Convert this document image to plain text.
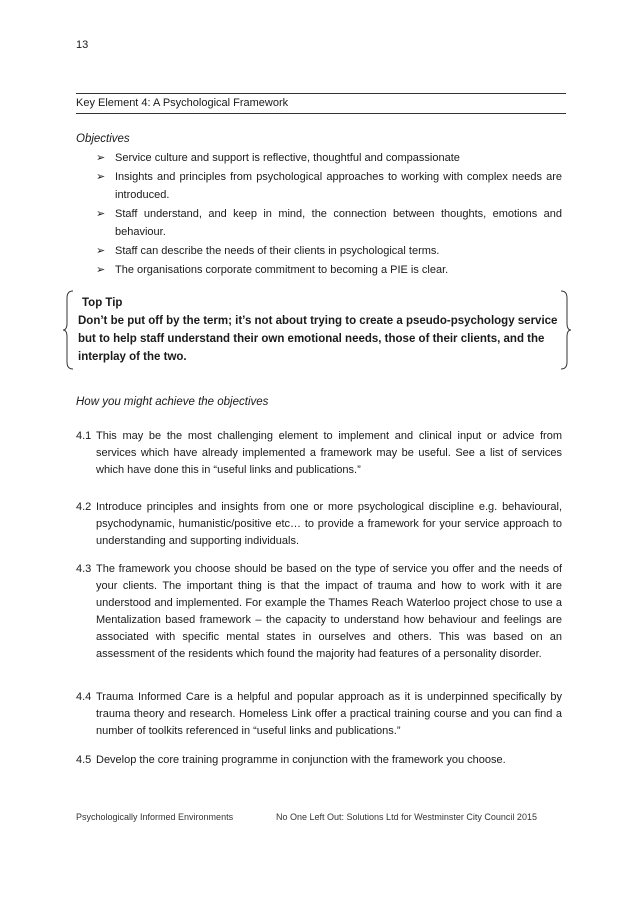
13
Key Element 4: A Psychological Framework
Objectives
➢ Service culture and support is reflective, thoughtful and compassionate
➢ Insights and principles from psychological approaches to working with complex needs are introduced.
➢ Staff understand, and keep in mind, the connection between thoughts, emotions and behaviour.
➢ Staff can describe the needs of their clients in psychological terms.
➢ The organisations corporate commitment to becoming a PIE is clear.
Top Tip
Don’t be put off by the term; it’s not about trying to create a pseudo-psychology service but to help staff understand their own emotional needs, those of their clients, and the interplay of the two.
How you might achieve the objectives
4.1 This may be the most challenging element to implement and clinical input or advice from services which have already implemented a framework may be useful. See a list of services which have done this in “useful links and publications.”
4.2 Introduce principles and insights from one or more psychological discipline e.g. behavioural, psychodynamic, humanistic/positive etc… to provide a framework for your service approach to understanding and supporting individuals.
4.3 The framework you choose should be based on the type of service you offer and the needs of your clients. The important thing is that the impact of trauma and how to work with it are understood and implemented. For example the Thames Reach Waterloo project chose to use a Mentalization based framework – the capacity to understand how behaviour and feelings are associated with specific mental states in ourselves and others. This was based on an assessment of the residents which found the majority had features of a personality disorder.
4.4 Trauma Informed Care is a helpful and popular approach as it is underpinned specifically by trauma theory and research. Homeless Link offer a practical training course and you can find a number of toolkits referenced in “useful links and publications.”
4.5 Develop the core training programme in conjunction with the framework you choose.
Psychologically Informed Environments	No One Left Out: Solutions Ltd for Westminster City Council 2015
